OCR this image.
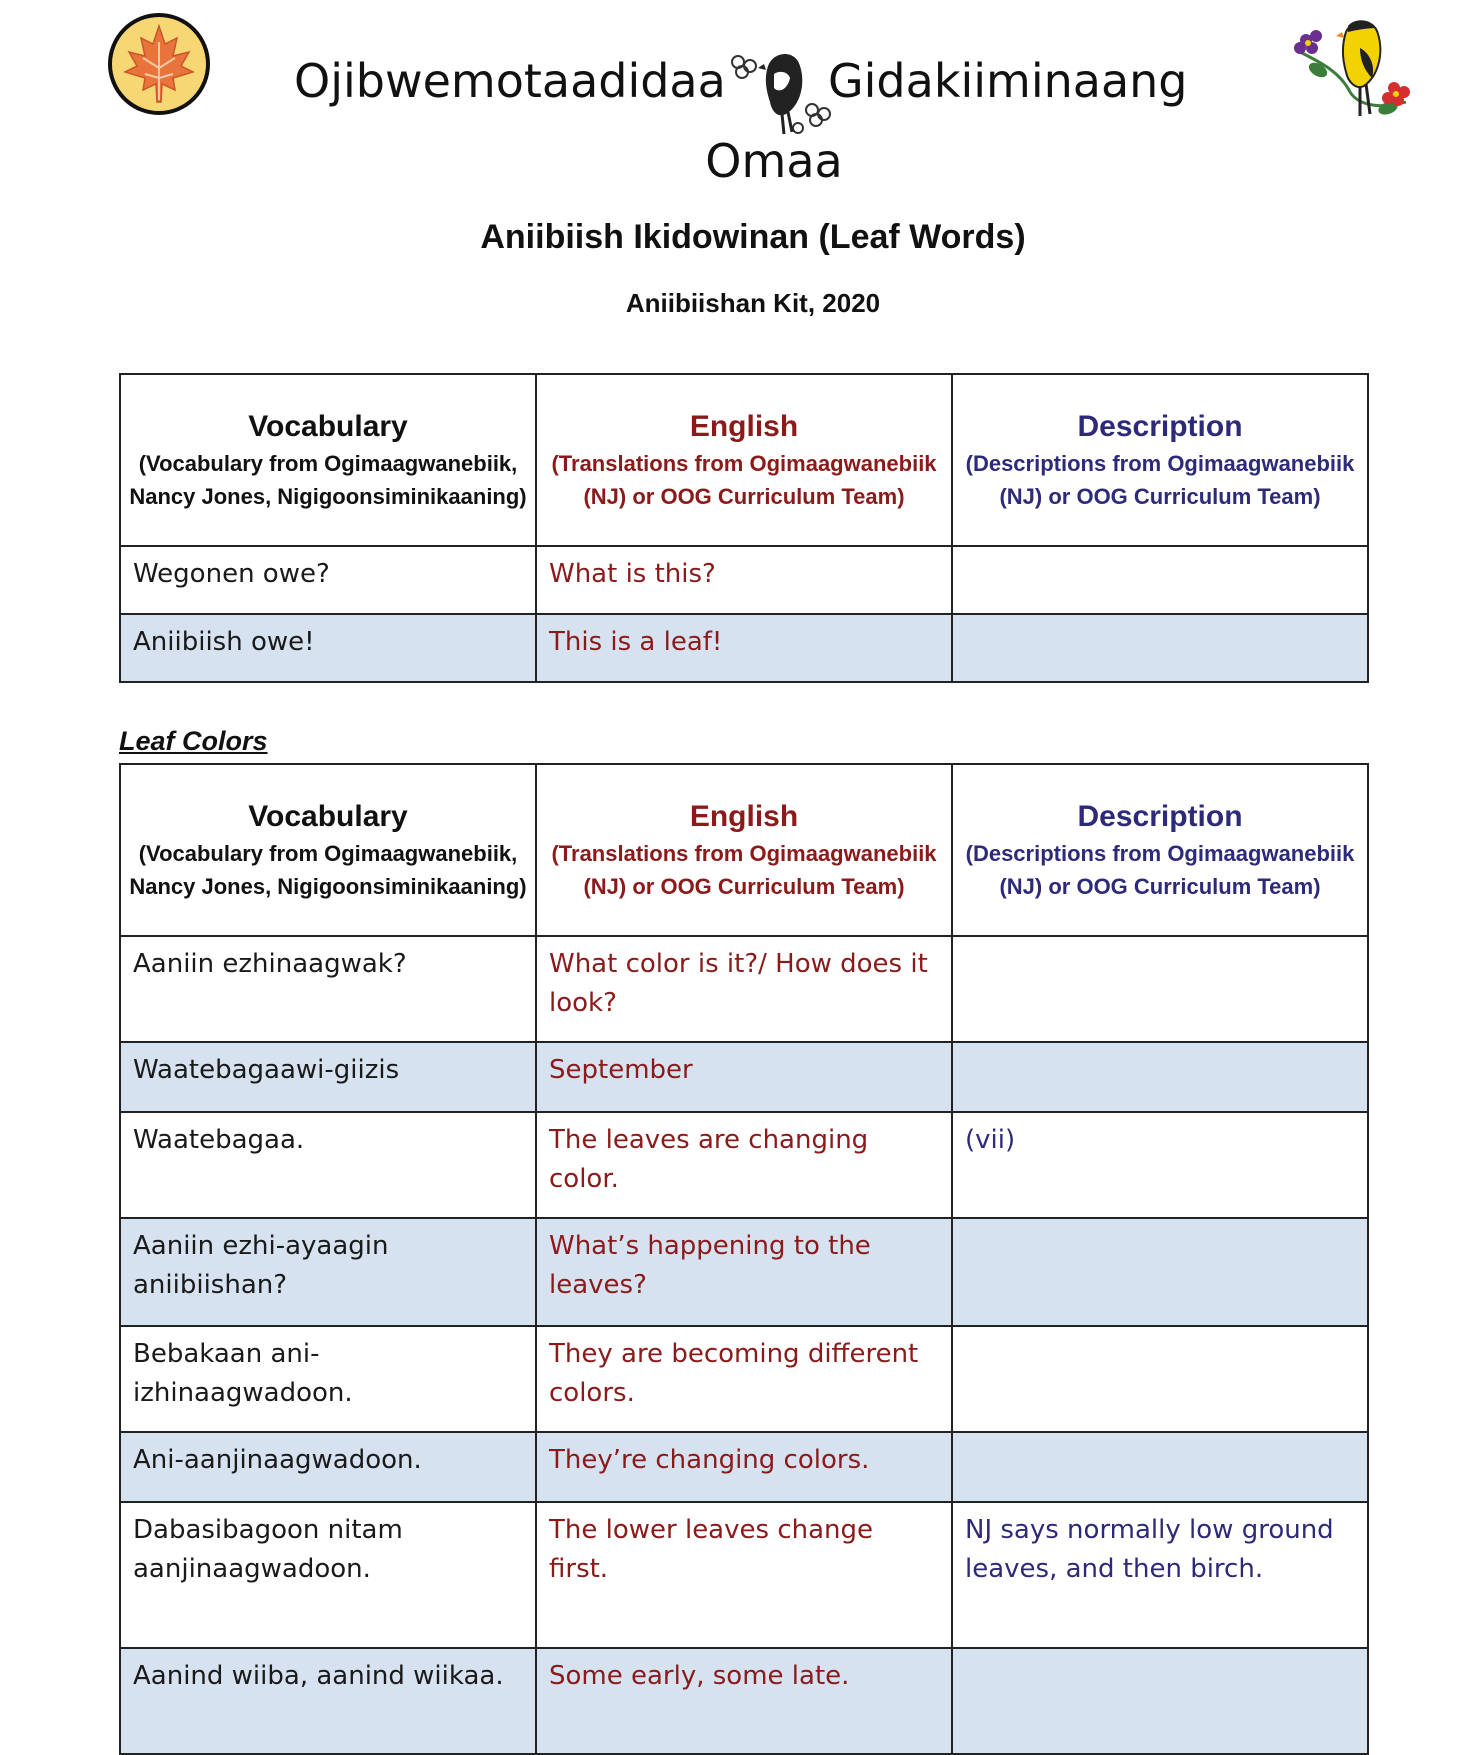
Ojibwemotaadidaa Gidakiiminaang
Omaa
Aniibiish Ikidowinan (Leaf Words)
Aniibiishan Kit, 2020
Vocabulary
(Vocabulary from Ogimaagwanebiik, Nancy Jones, Nigigoonsiminikaaning)	English
(Translations from Ogimaagwanebiik (NJ) or OOG Curriculum Team)	Description
(Descriptions from Ogimaagwanebiik (NJ) or OOG Curriculum Team)

Wegonen owe?	What is this?	
Aniibiish owe!	This is a leaf!	
Leaf Colors
Vocabulary
(Vocabulary from Ogimaagwanebiik, Nancy Jones, Nigigoonsiminikaaning)	English
(Translations from Ogimaagwanebiik (NJ) or OOG Curriculum Team)	Description
(Descriptions from Ogimaagwanebiik (NJ) or OOG Curriculum Team)

Aaniin ezhinaagwak?	What color is it?/ How does it look?	
Waatebagaawi-giizis	September	
Waatebagaa.	The leaves are changing color.	(vii)
Aaniin ezhi-ayaagin aniibiishan?	What’s happening to the leaves?	
Bebakaan ani-izhinaagwadoon.	They are becoming different colors.	
Ani-aanjinaagwadoon.	They’re changing colors.	
Dabasibagoon nitam aanjinaagwadoon.	The lower leaves change first.	NJ says normally low ground leaves, and then birch.
Aanind wiiba, aanind wiikaa.	Some early, some late.	
